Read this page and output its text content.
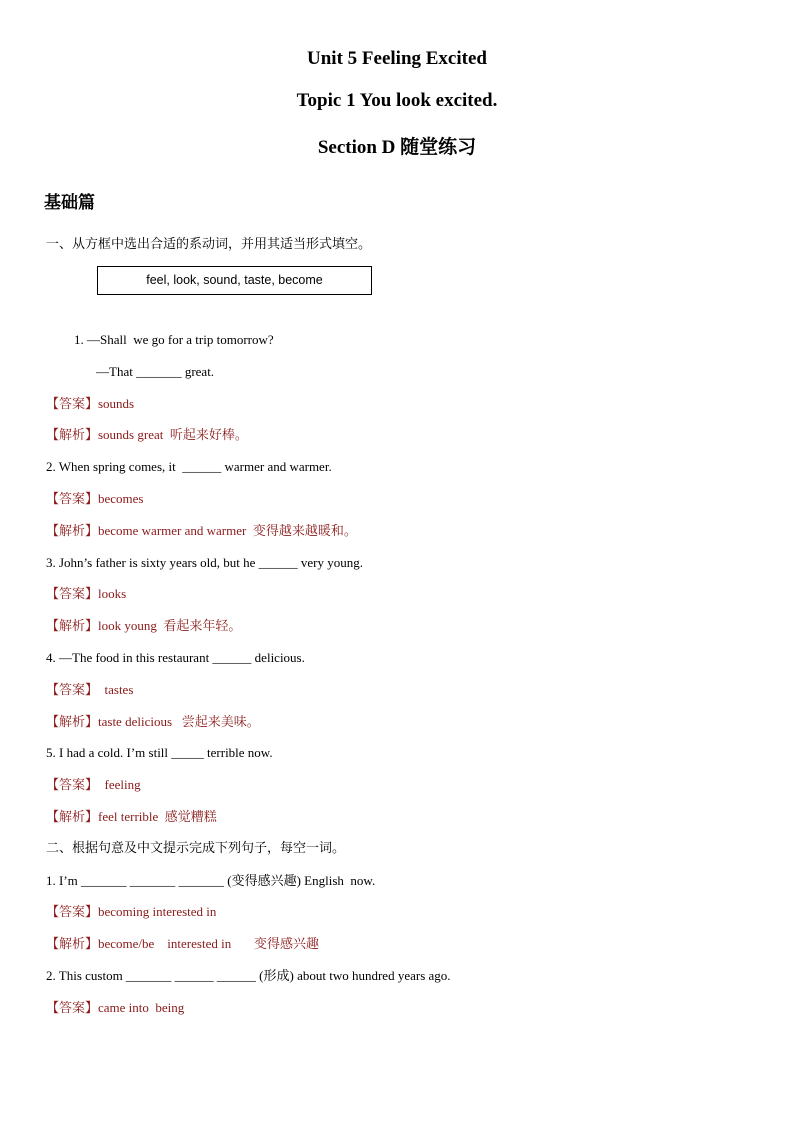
Unit 5 Feeling Excited
Topic 1 You look excited.
Section D 随堂练习
基础篇
一、从方框中选出合适的系动词，并用其适当形式填空。
feel, look, sound, taste, become
1. —Shall  we go for a trip tomorrow?
—That _______ great.
【答案】sounds
【解析】sounds great  听起来好棒。
2. When spring comes, it  ______ warmer and warmer.
【答案】becomes
【解析】become warmer and warmer  变得越来越暖和。
3. John’s father is sixty years old, but he ______ very young.
【答案】looks
【解析】look young  看起来年轻。
4. —The food in this restaurant ______ delicious.
【答案】  tastes
【解析】taste delicious   尝起来美味。
5. I had a cold. I’m still _____ terrible now.
【答案】  feeling
【解析】feel terrible  感觉糟糕
二、根据句意及中文提示完成下列句子，每空一词。
1. I’m _______ _______ _______ (变得感兴趣) English  now.
【答案】becoming interested in
【解析】become/be    interested in       变得感兴趣
2. This custom _______ ______ ______ (形成) about two hundred years ago.
【答案】came into  being
